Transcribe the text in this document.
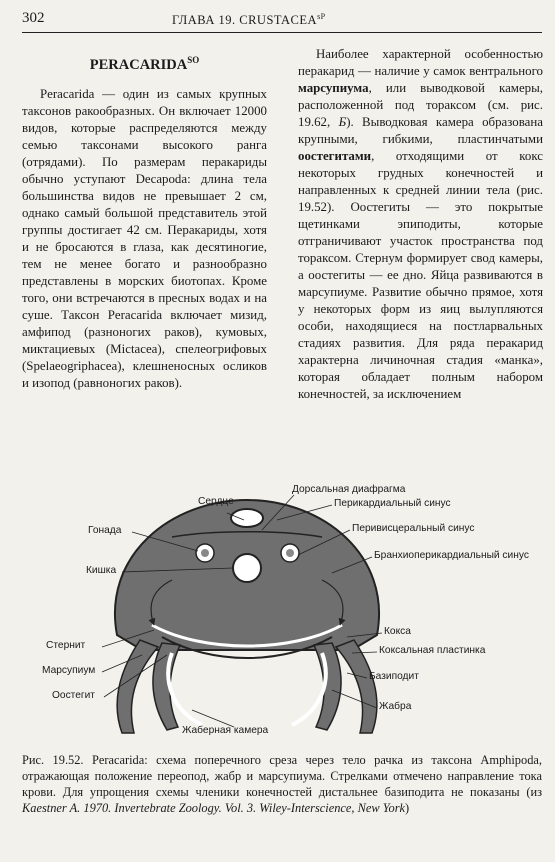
302	ГЛАВА 19. $CRUSTACEA^{sP}$
$PERACARIDA^{SO}$

Peracarida — один из самых крупных таксонов ракообразных. Он включает 12000 видов, которые распределяются между семью таксонами высокого ранга (отрядами). По размерам перакариды обычно уступают Decapoda: длина тела большинства видов не превышает 2 см, однако самый большой представитель этой группы достигает 42 см. Перакариды, хотя и не бросаются в глаза, как десятиногие, тем не менее богато и разнообразно представлены в морских биотопах. Кроме того, они встречаются в пресных водах и на суше. Таксон Peracarida включает мизид, амфипод (разноногих раков), кумовых, миктациевых (Mictacea), спелеогрифовых (Spelaeogriphacea), клешненосных осликов и изопод (равноногих раков).

Наиболее характерной особенностью перакарид — наличие у самок вентрального марсупиума, или выводковой камеры, расположенной под тораксом (см. рис. 19.62, Б). Выводковая камера образована крупными, гибкими, пластинчатыми оостегитами, отходящими от кокс некоторых грудных конечностей и направленных к средней линии тела (рис. 19.52). Оостегиты — это покрытые щетинками эпиподиты, которые отграничивают участок пространства под тораксом. Стернум формирует свод камеры, а оостегиты — ее дно. Яйца развиваются в марсупиуме. Развитие обычно прямое, хотя у некоторых форм из яиц вылупляются особи, находящиеся на постларвальных стадиях развития. Для ряда перакарид характерна личиночная стадия «манка», которая обладает полным набором конечностей, за исключением

Сердце
Дорсальная диафрагма
Перикардиальный синус
Гонада	Перивисцеральный синус
Кишка
Бранхиоперикардиальный синус
Кокса
Стернит	Коксальная пластинка
Марсупиум
Базиподит
Оостегит
Жабра
Жаберная камера
Рис. 19.52. Peracarida: схема поперечного среза через тело рачка из таксона Amphipoda, отражающая положение переопод, жабр и марсупиума. Стрелками отмечено направление тока крови. Для упрощения схемы членики конечностей дистальнее базиподита не показаны (из Kaestner A. 1970. Invertebrate Zoology. Vol. 3. Wiley-Interscience, New York)
